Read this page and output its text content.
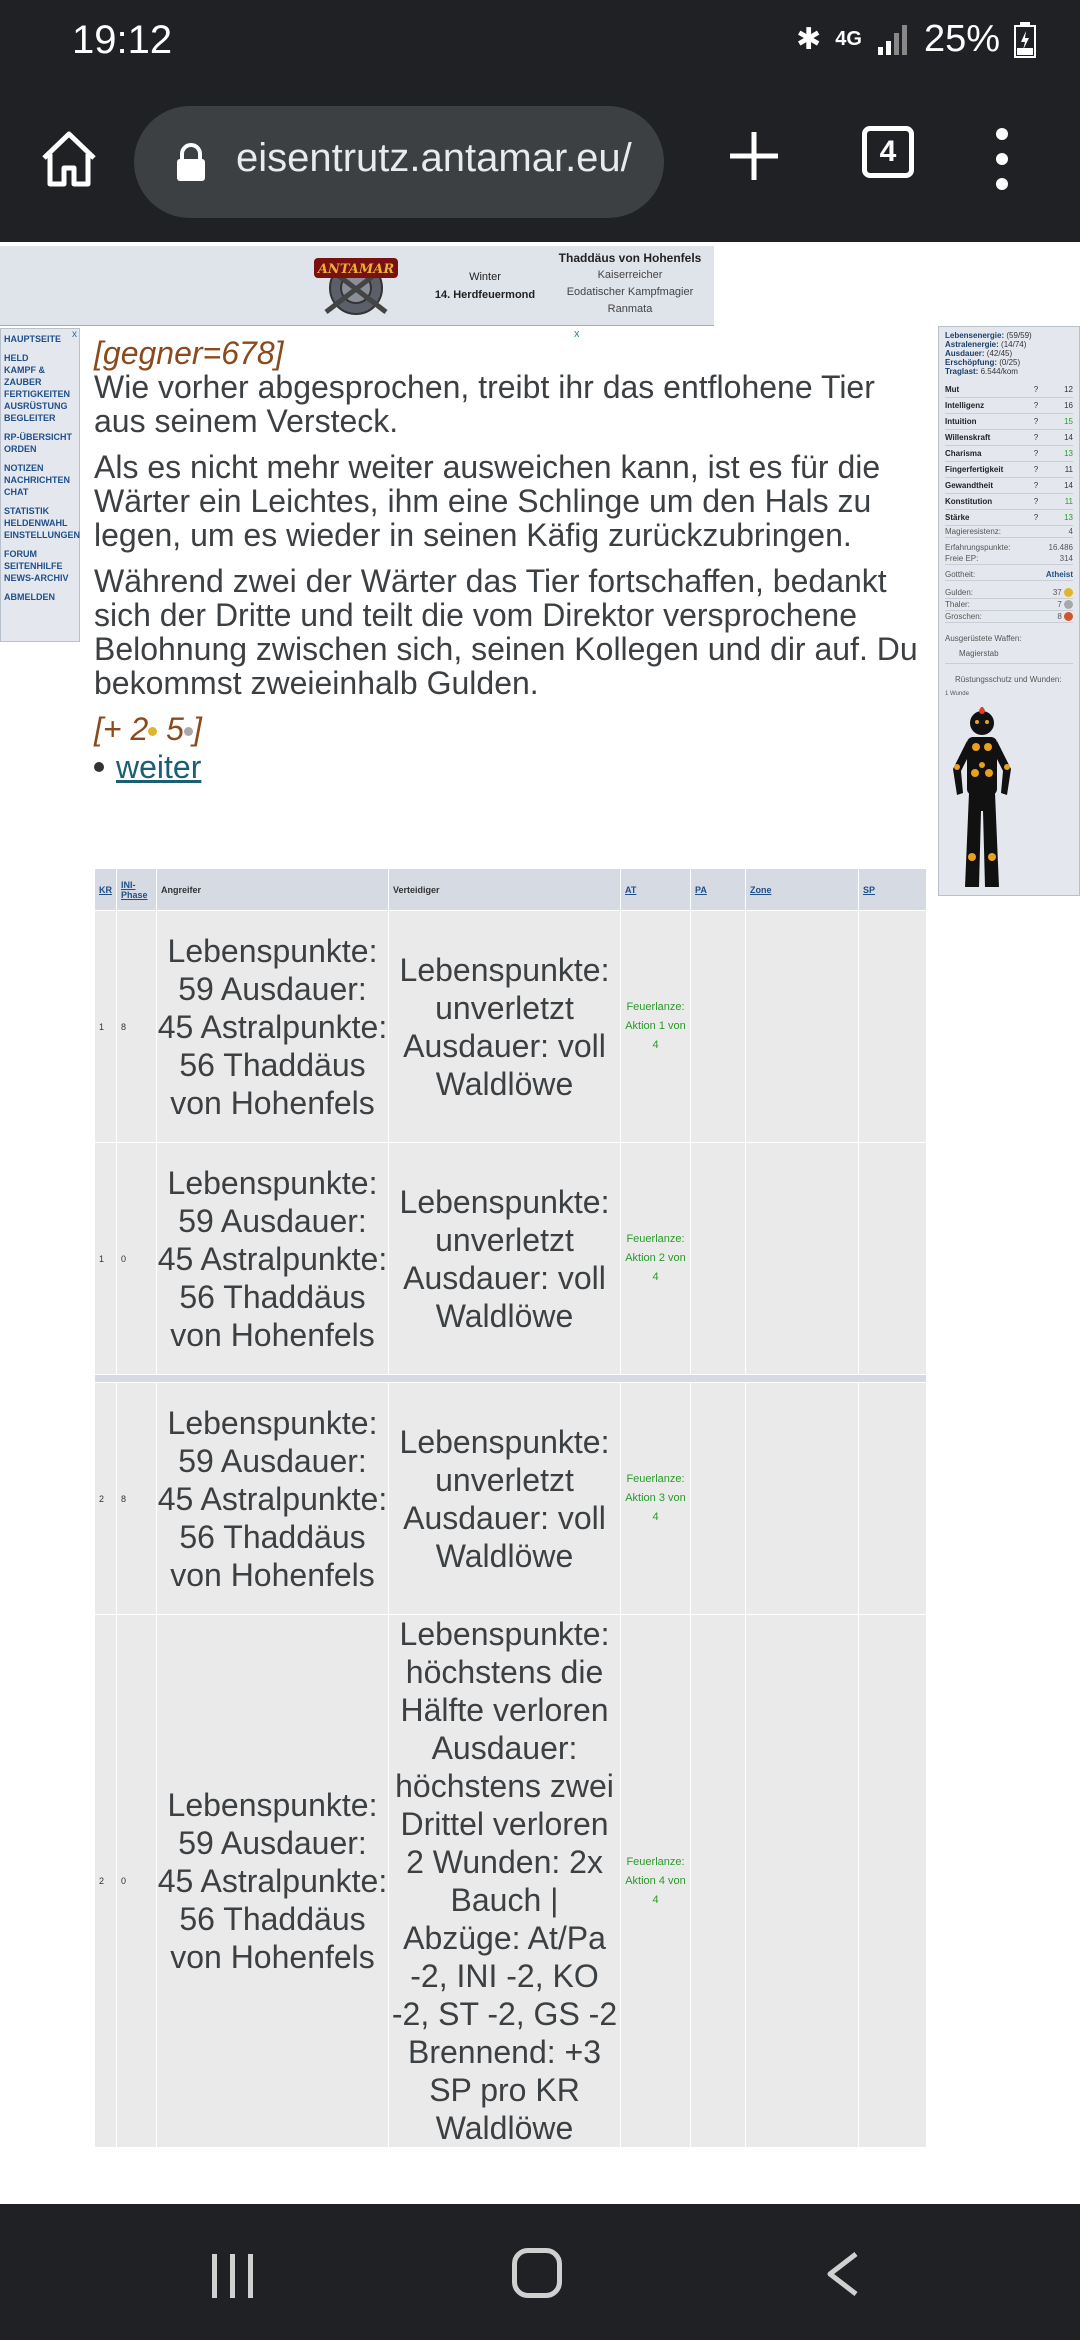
19:12	✱ 4G 25%
eisentrutz.antamar.eu/	4
ANTAMAR	Winter
14. Herdfeuermond
Thaddäus von Hohenfels
Kaiserreicher
Eodatischer Kampfmagier
Ranmata
x
HAUPTSEITE
HELD
KAMPF & ZAUBER
FERTIGKEITEN
AUSRÜSTUNG
BEGLEITER
RP-ÜBERSICHT
ORDEN
NOTIZEN
NACHRICHTEN
CHAT
STATISTIK
HELDENWAHL
EINSTELLUNGEN
FORUM
SEITENHILFE
NEWS-ARCHIV
ABMELDEN
x
[gegner=678]

Wie vorher abgesprochen, treibt ihr das entflohene Tier aus seinem Versteck.

Als es nicht mehr weiter ausweichen kann, ist es für die Wärter ein Leichtes, ihm eine Schlinge um den Hals zu legen, um es wieder in seinen Käfig zurückzubringen.

Während zwei der Wärter das Tier fortschaffen, bedankt sich der Dritte und teilt die vom Direktor versprochene Belohnung zwischen sich, seinen Kollegen und dir auf. Du bekommst zweieinhalb Gulden.

[+ 2 5 ]
weiter
Lebensenergie: (59/59)
Astralenergie: (14/74)
Ausdauer: (42/45)
Erschöpfung: (0/25)
Traglast: 6.544/kom
Mut	?	12
Intelligenz	?	16
Intuition	?	15
Willenskraft	?	14
Charisma	?	13
Fingerfertigkeit	?	11
Gewandtheit	?	14
Konstitution	?	11
Stärke	?	13
Magieresistenz:	4
Erfahrungspunkte:	16.486
Freie EP:	314
Gottheit:	Atheist
Gulden:	37
Thaler:	7
Groschen:	8
Ausgerüstete Waffen:
Magierstab
Rüstungsschutz und Wunden:
1 Wunde
KR	INI-Phase	Angreifer	Verteidiger	AT	PA	Zone	SP
1	8	Lebenspunkte: 59 Ausdauer: 45 Astralpunkte: 56 Thaddäus von Hohenfels	Lebenspunkte: unverletzt Ausdauer: voll Waldlöwe	Feuerlanze: Aktion 1 von 4			
1	0	Lebenspunkte: 59 Ausdauer: 45 Astralpunkte: 56 Thaddäus von Hohenfels	Lebenspunkte: unverletzt Ausdauer: voll Waldlöwe	Feuerlanze: Aktion 2 von 4			

2	8	Lebenspunkte: 59 Ausdauer: 45 Astralpunkte: 56 Thaddäus von Hohenfels	Lebenspunkte: unverletzt Ausdauer: voll Waldlöwe	Feuerlanze: Aktion 3 von 4			
2	0	Lebenspunkte: 59 Ausdauer: 45 Astralpunkte: 56 Thaddäus von Hohenfels	Lebenspunkte: höchstens die Hälfte verloren Ausdauer: höchstens zwei Drittel verloren 2 Wunden: 2x Bauch | Abzüge: At/Pa -2, INI -2, KO -2, ST -2, GS -2 Brennend: +3 SP pro KR Waldlöwe	Feuerlanze: Aktion 4 von 4			
